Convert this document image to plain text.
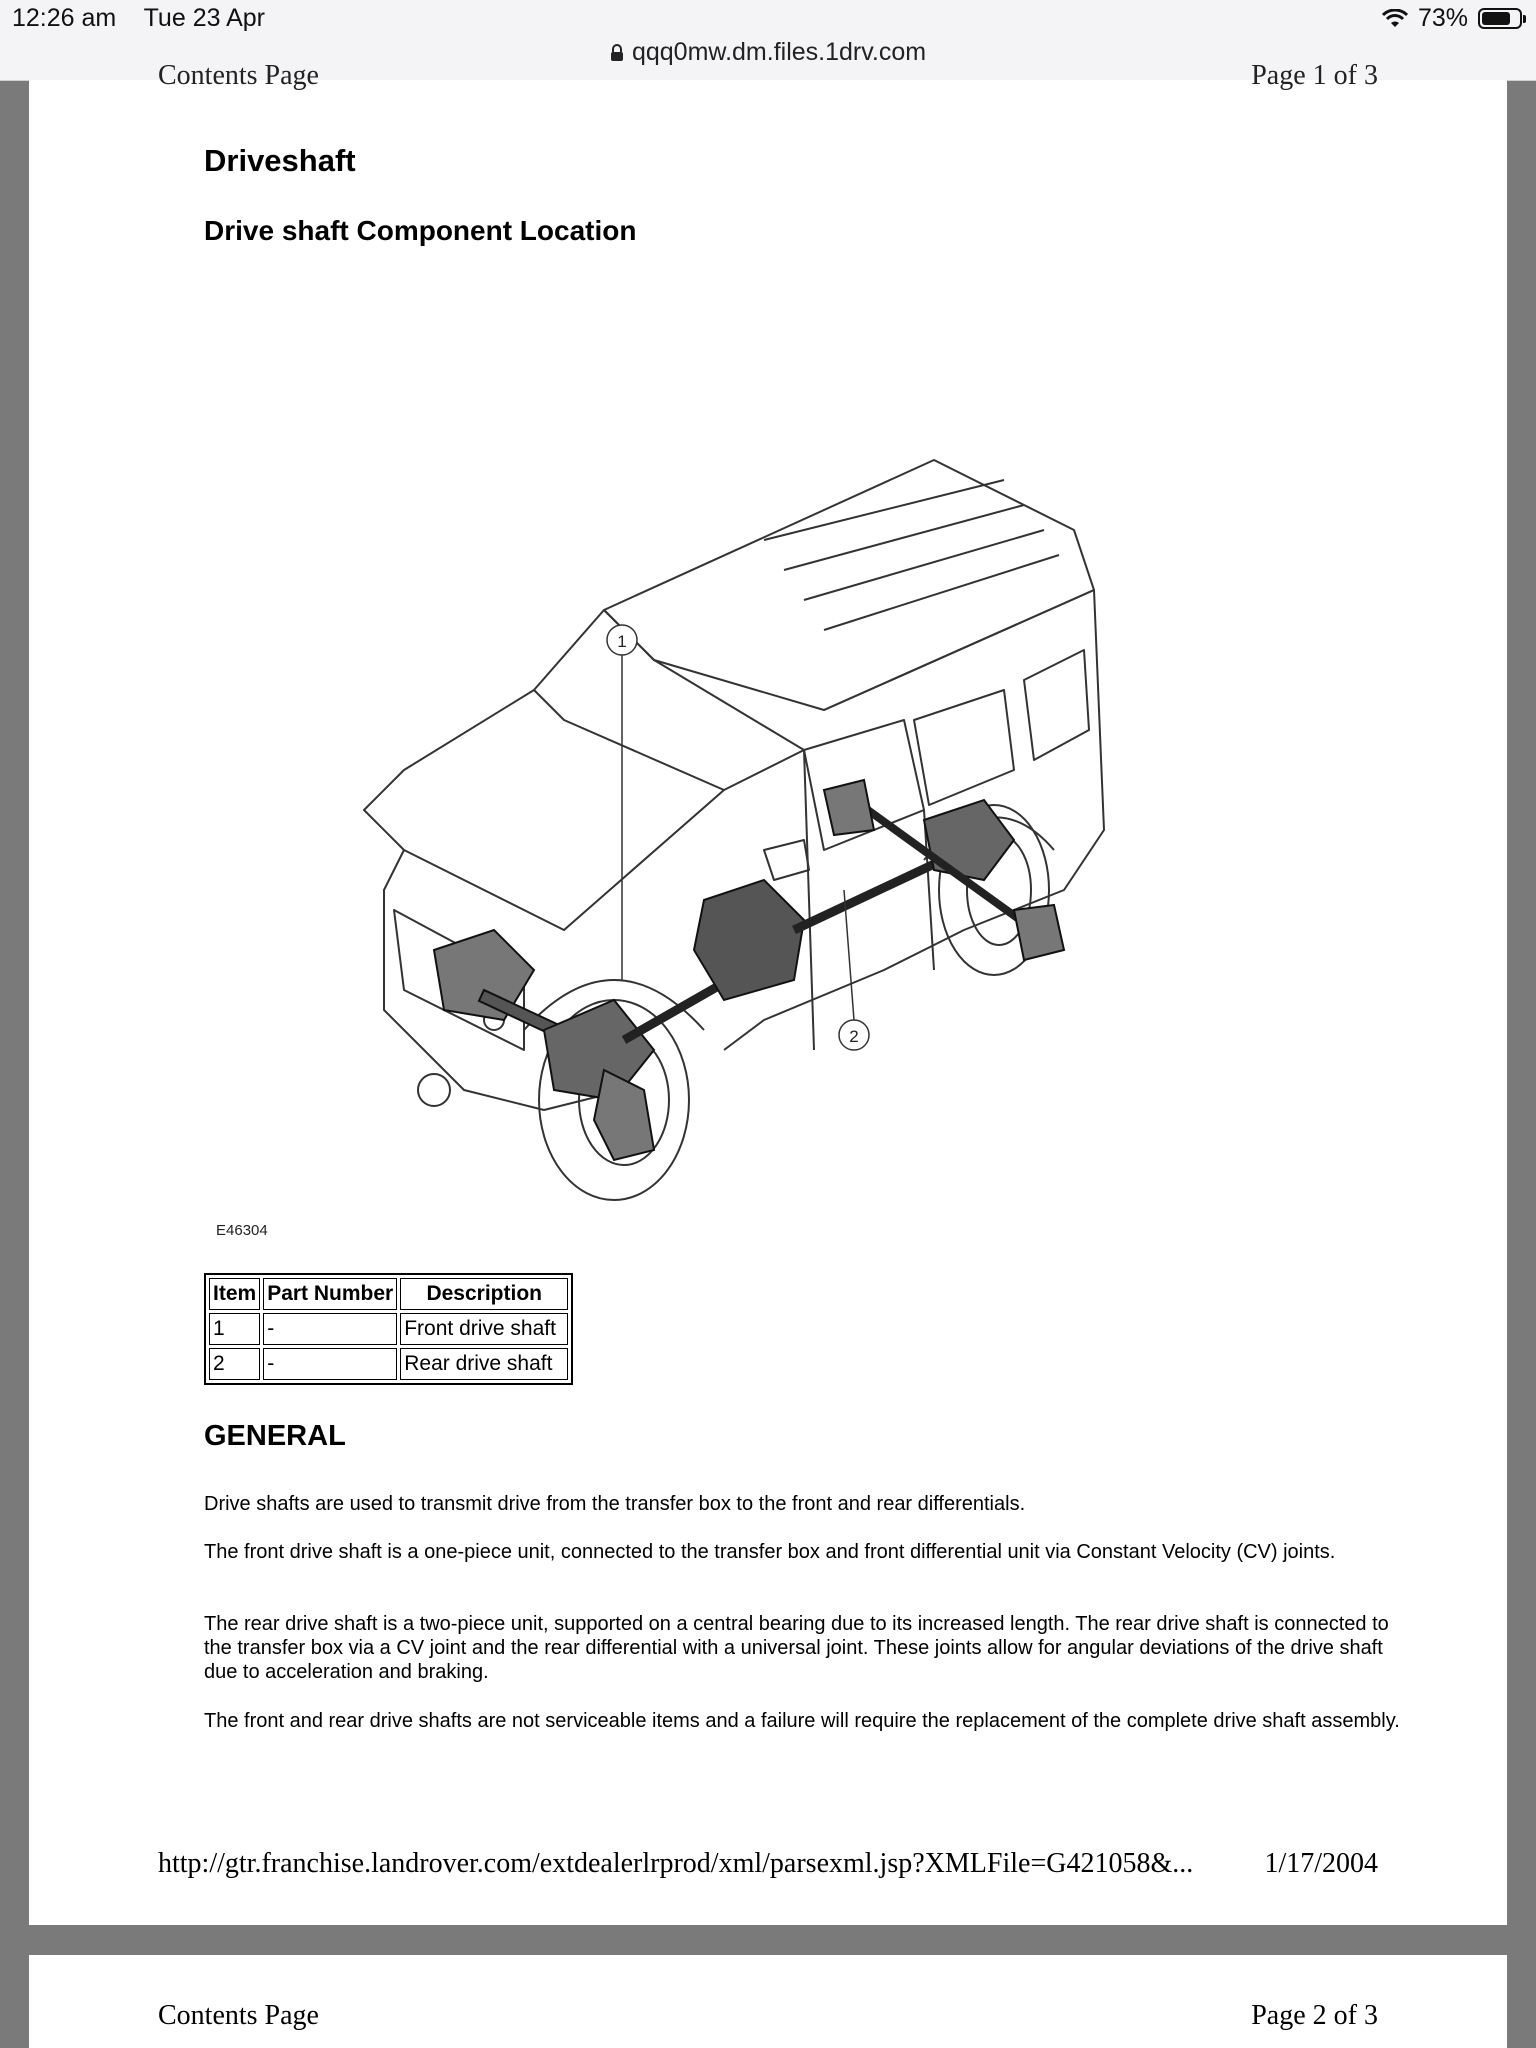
12:26 am Tue 23 Apr	73%
qqq0mw.dm.files.1drv.com
Contents Page	Page 1 of 3
Driveshaft
Drive shaft Component Location
1
2
E46304
Item	Part Number	Description
1	-	Front drive shaft
2	-	Rear drive shaft
GENERAL

Drive shafts are used to transmit drive from the transfer box to the front and rear differentials.

The front drive shaft is a one-piece unit, connected to the transfer box and front differential unit via Constant Velocity (CV) joints.

The rear drive shaft is a two-piece unit, supported on a central bearing due to its increased length. The rear drive shaft is connected to the transfer box via a CV joint and the rear differential with a universal joint. These joints allow for angular deviations of the drive shaft due to acceleration and braking.

The front and rear drive shafts are not serviceable items and a failure will require the replacement of the complete drive shaft assembly.

http://gtr.franchise.landrover.com/extdealerlrprod/xml/parsexml.jsp?XMLFile=G421058&...	1/17/2004
Contents Page	Page 2 of 3
